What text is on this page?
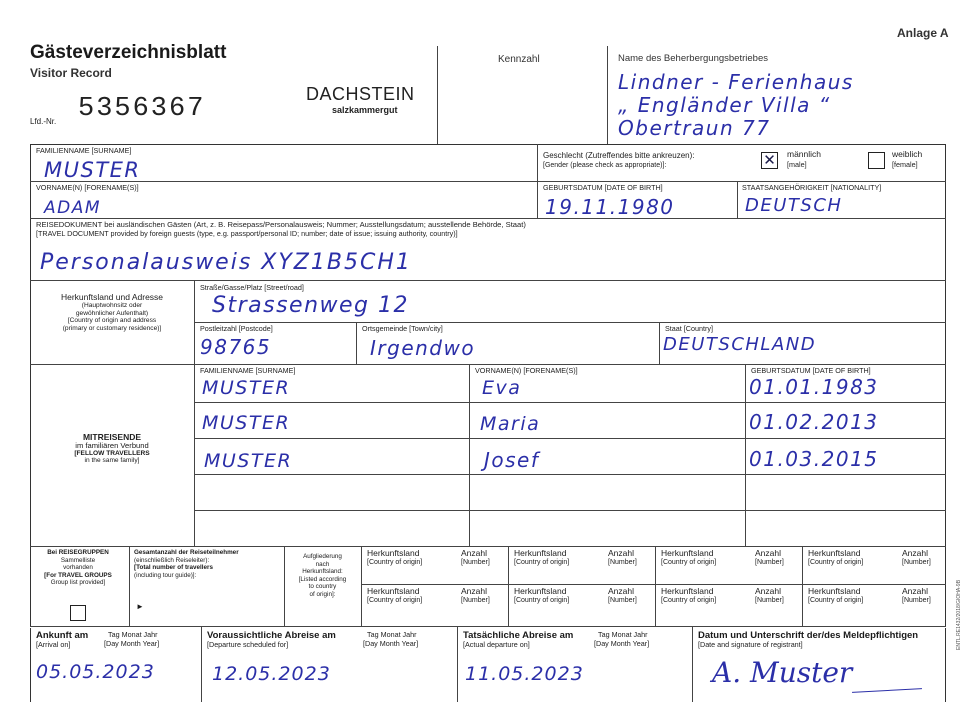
Anlage A
Gästeverzeichnisblatt
Visitor Record
Lfd.-Nr. 5356367	DACHSTEIN
salzkammergut
Kennzahl	Name des Beherbergungsbetriebes
Lindner - Ferienhaus
„ Engländer Villa “
Obertraun 77
FAMILIENNAME [SURNAME]
MUSTER
Geschlecht (Zutreffendes bitte ankreuzen):
[Gender (please check as appropriate)]:	✕ männlich
[male]
weiblich
[female]
VORNAME(N) [FORENAME(S)]
ADAM
GEBURTSDATUM [DATE OF BIRTH]
19.11.1980
STAATSANGEHÖRIGKEIT [NATIONALITY]
DEUTSCH
REISEDOKUMENT bei ausländischen Gästen (Art, z. B. Reisepass/Personalausweis; Nummer; Ausstellungsdatum; ausstellende Behörde, Staat)
[TRAVEL DOCUMENT provided by foreign guests (type, e.g. passport/personal ID; number; date of issue; issuing authority, country)]
Personalausweis XYZ1B5CH1
Herkunftsland und Adresse
(Hauptwohnsitz oder
gewöhnlicher Aufenthalt)
[Country of origin and address
(primary or customary residence)]
Straße/Gasse/Platz [Street/road]
Strassenweg 12
Postleitzahl [Postcode]
98765
Ortsgemeinde [Town/city]
Irgendwo
Staat [Country]
DEUTSCHLAND
MITREISENDE
im familiären Verbund
[FELLOW TRAVELLERS
in the same family]
FAMILIENNAME [SURNAME]	VORNAME(N) [FORENAME(S)]	GEBURTSDATUM [DATE OF BIRTH]
MUSTER	Eva	01.01.1983
MUSTER	Maria	01.02.2013
MUSTER	Josef	01.03.2015
Bei REISEGRUPPEN
Sammelliste
vorhanden
[For TRAVEL GROUPS
Group list provided]
Gesamtanzahl der Reiseteilnehmer
(einschließlich Reiseleiter):
[Total number of travellers
(including tour guide)]:
►
Aufgliederung
nach
Herkunftsland:
[Listed according
to country
of origin]:
Herkunftsland
[Country of origin]
Anzahl
[Number]
Herkunftsland
[Country of origin]
Anzahl
[Number]
Herkunftsland
[Country of origin]
Anzahl
[Number]
Herkunftsland
[Country of origin]
Anzahl
[Number]
Herkunftsland
[Country of origin]
Anzahl
[Number]
Herkunftsland
[Country of origin]
Anzahl
[Number]
Herkunftsland
[Country of origin]
Anzahl
[Number]
Herkunftsland
[Country of origin]
Anzahl
[Number]
Ankunft am
[Arrival on]
Tag Monat Jahr
[Day Month Year]
05.05.2023
Voraussichtliche Abreise am
[Departure scheduled for]
Tag Monat Jahr
[Day Month Year]
12.05.2023
Tatsächliche Abreise am
[Actual departure on]
Tag Monat Jahr
[Day Month Year]
11.05.2023
Datum und Unterschrift der/des Meldepflichtigen
[Date and signature of registrant]
A. Muster
ENTL.RE1432/2018/GIOHA-9B
